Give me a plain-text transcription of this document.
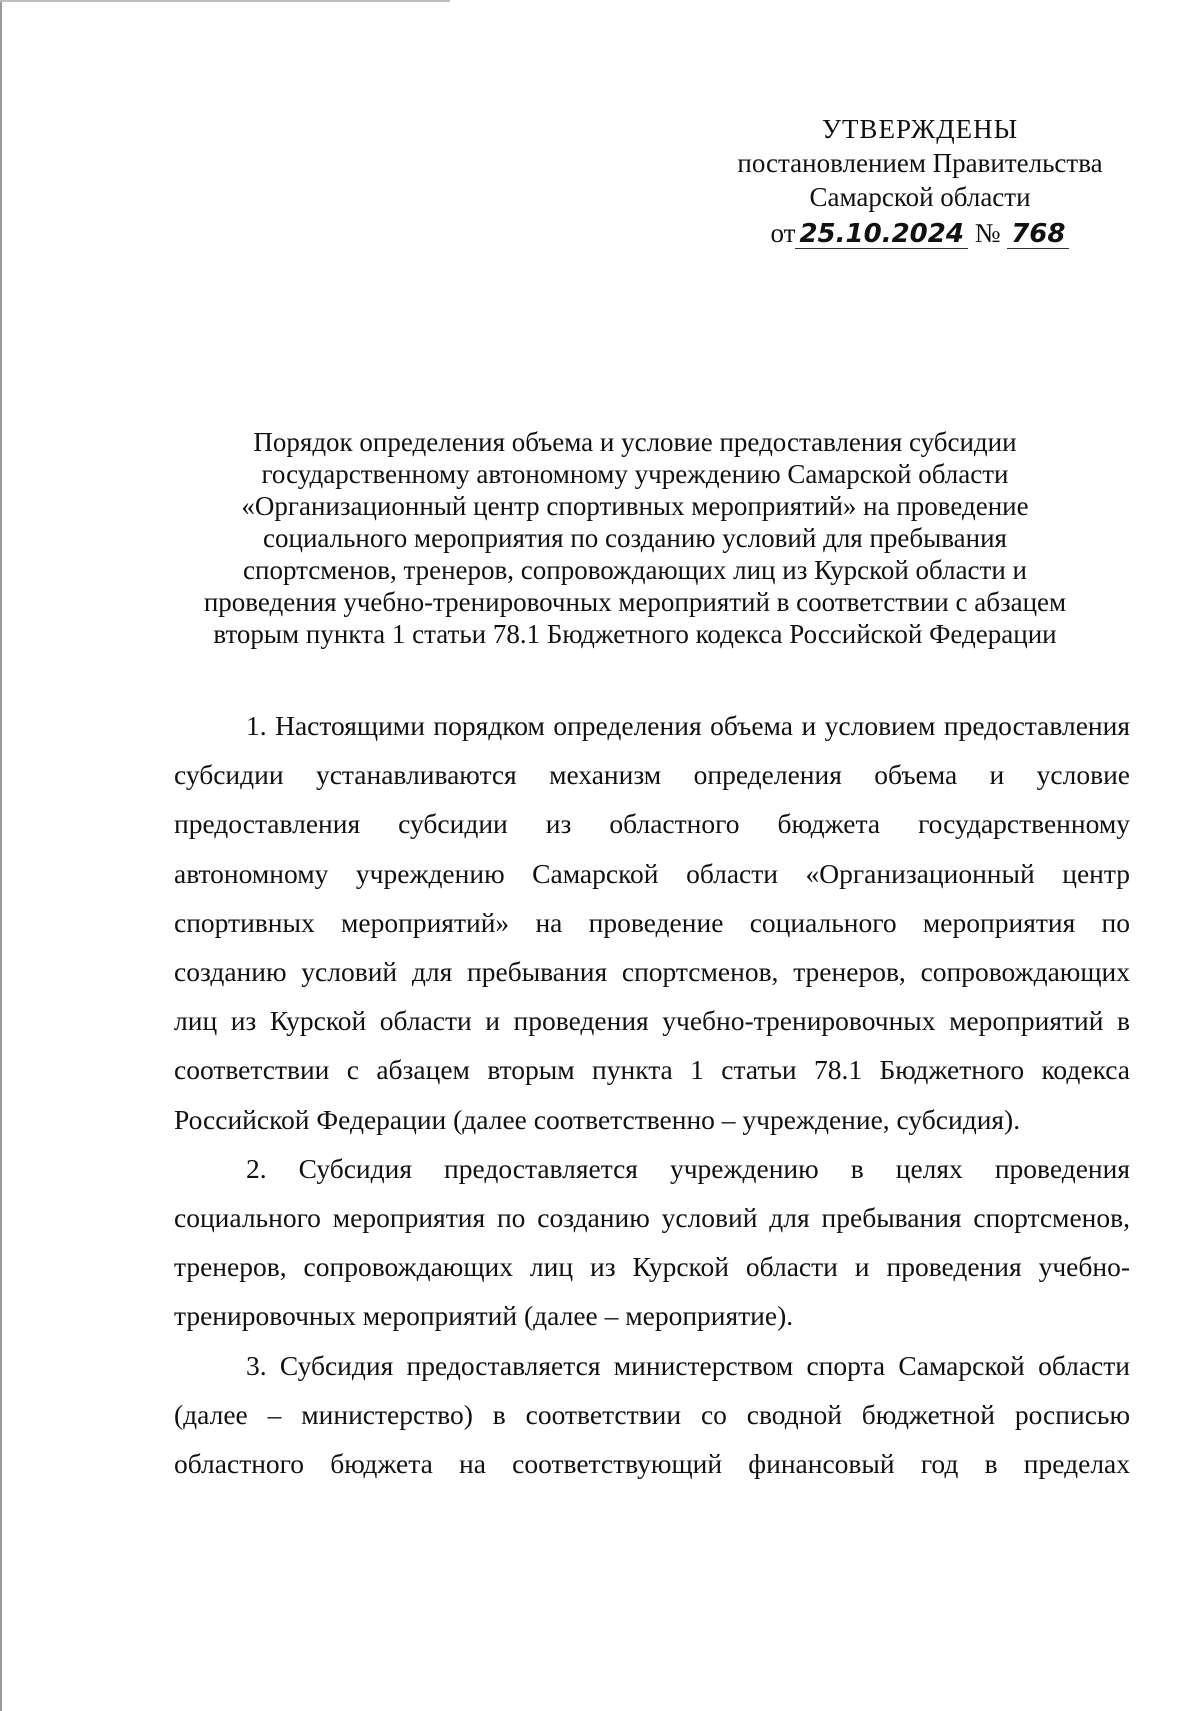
УТВЕРЖДЕНЫ
постановлением Правительства
Самарской области
от 25.10.2024 № 768
Порядок определения объема и условие предоставления субсидии
государственному автономному учреждению Самарской области
«Организационный центр спортивных мероприятий» на проведение
социального мероприятия по созданию условий для пребывания
спортсменов, тренеров, сопровождающих лиц из Курской области и
проведения учебно-тренировочных мероприятий в соответствии с абзацем
вторым пункта 1 статьи 78.1 Бюджетного кодекса Российской Федерации

1. Настоящими порядком определения объема и условием предоставления субсидии устанавливаются механизм определения объема и условие предоставления субсидии из областного бюджета государственному автономному учреждению Самарской области «Организационный центр спортивных мероприятий» на проведение социального мероприятия по созданию условий для пребывания спортсменов, тренеров, сопровождающих лиц из Курской области и проведения учебно-тренировочных мероприятий в соответствии с абзацем вторым пункта 1 статьи 78.1 Бюджетного кодекса Российской Федерации (далее соответственно – учреждение, субсидия).

2. Субсидия предоставляется учреждению в целях проведения социального мероприятия по созданию условий для пребывания спортсменов, тренеров, сопровождающих лиц из Курской области и проведения учебно-тренировочных мероприятий (далее – мероприятие).

3. Субсидия предоставляется министерством спорта Самарской области (далее – министерство) в соответствии со сводной бюджетной росписью областного бюджета на соответствующий финансовый год в пределах
